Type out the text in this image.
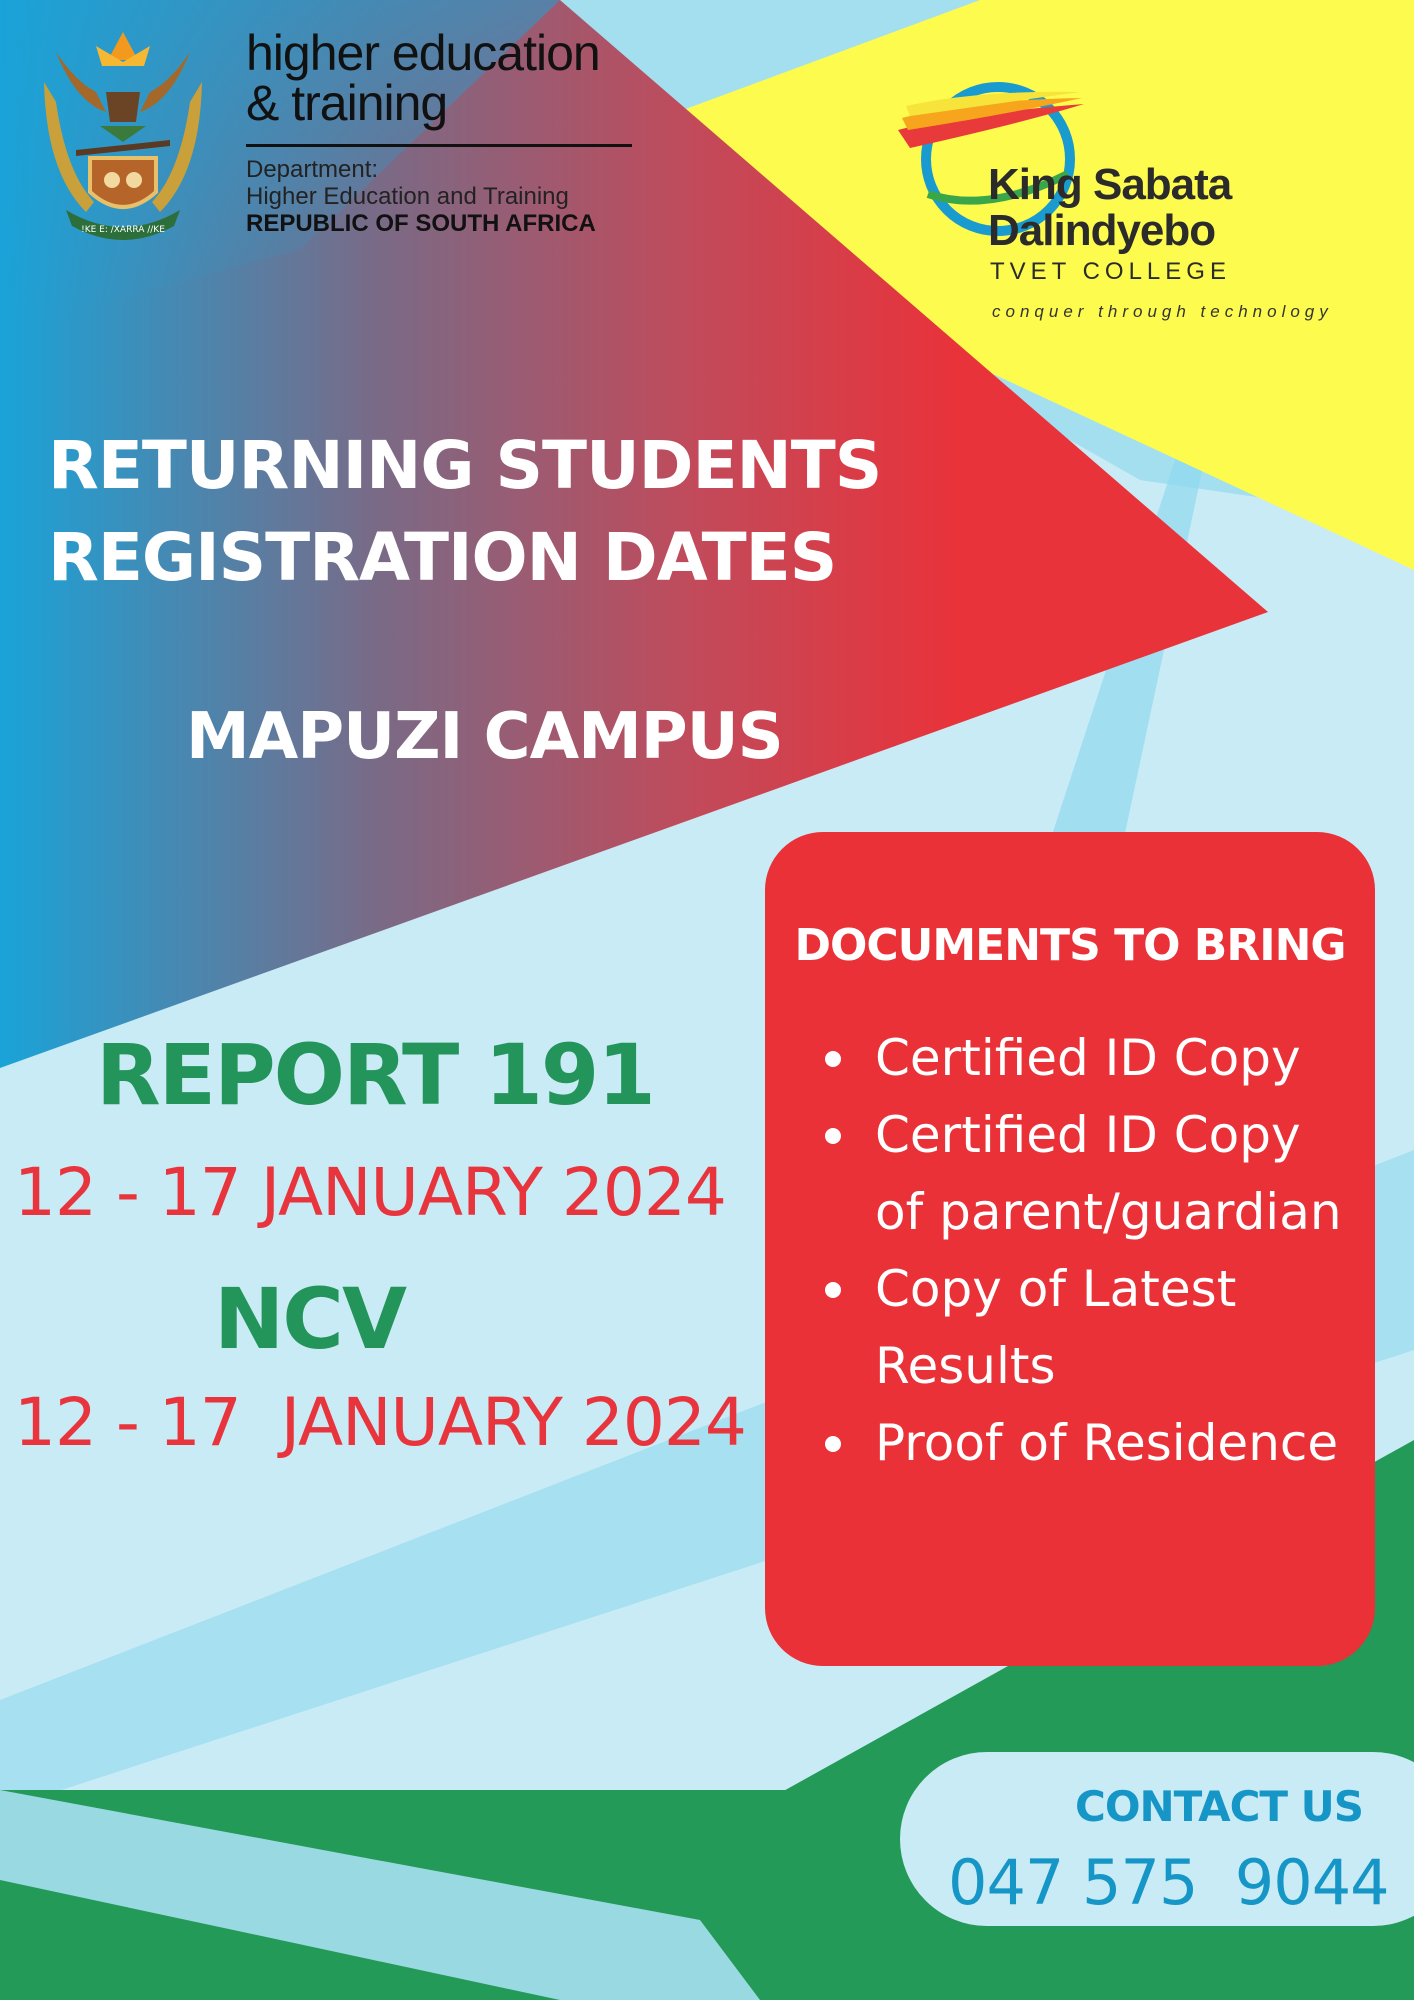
!KE E: /XARRA //KE
higher education
& training
Department:
Higher Education and Training
REPUBLIC OF SOUTH AFRICA
King Sabata
Dalindyebo
TVET COLLEGE
conquer through technology
RETURNING STUDENTS
REGISTRATION DATES
MAPUZI CAMPUS
REPORT 191
12 - 17 JANUARY 2024
NCV
12 - 17  JANUARY 2024
DOCUMENTS TO BRING
Certified ID Copy
Certified ID Copy of parent/guardian
Copy of Latest Results
Proof of Residence
CONTACT US
047 575  9044
